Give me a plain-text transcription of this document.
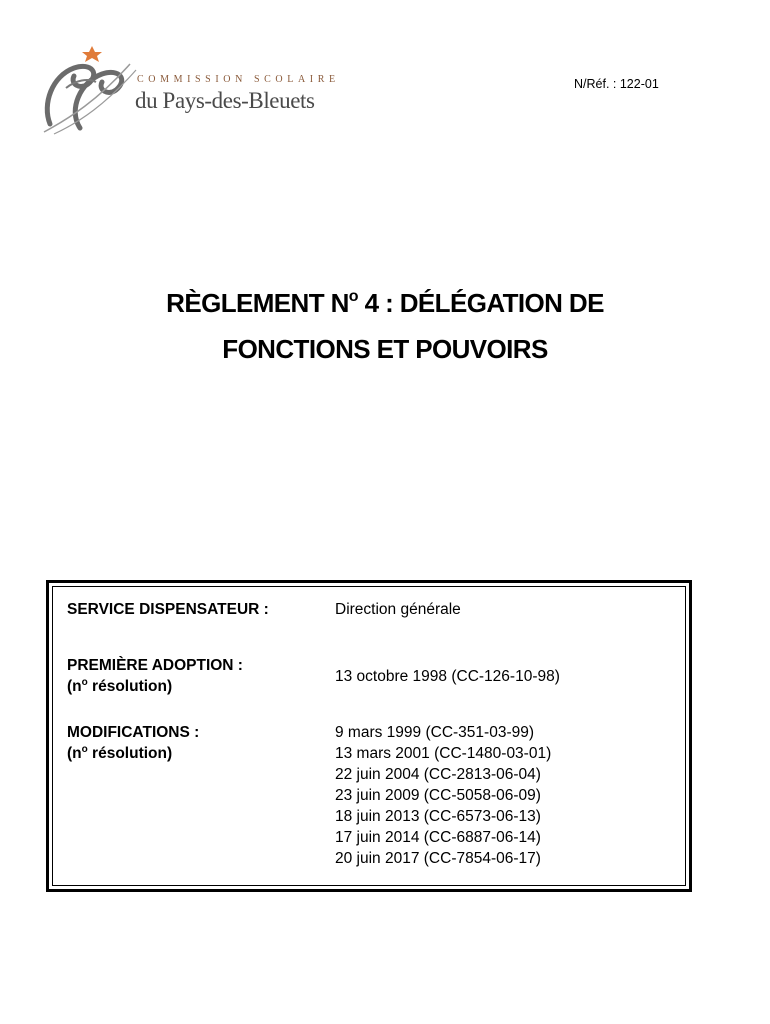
COMMISSION SCOLAIRE
du Pays-des-Bleuets
N/Réf. : 122-01
RÈGLEMENT $N^o$ 4 : DÉLÉGATION DE
FONCTIONS ET POUVOIRS
SERVICE DISPENSATEUR :	Direction générale
PREMIÈRE ADOPTION :
($n^o$ résolution)
13 octobre 1998 (CC-126-10-98)
MODIFICATIONS :
($n^o$ résolution)
9 mars 1999 (CC-351-03-99)
13 mars 2001 (CC-1480-03-01)
22 juin 2004 (CC-2813-06-04)
23 juin 2009 (CC-5058-06-09)
18 juin 2013 (CC-6573-06-13)
17 juin 2014 (CC-6887-06-14)
20 juin 2017 (CC-7854-06-17)
